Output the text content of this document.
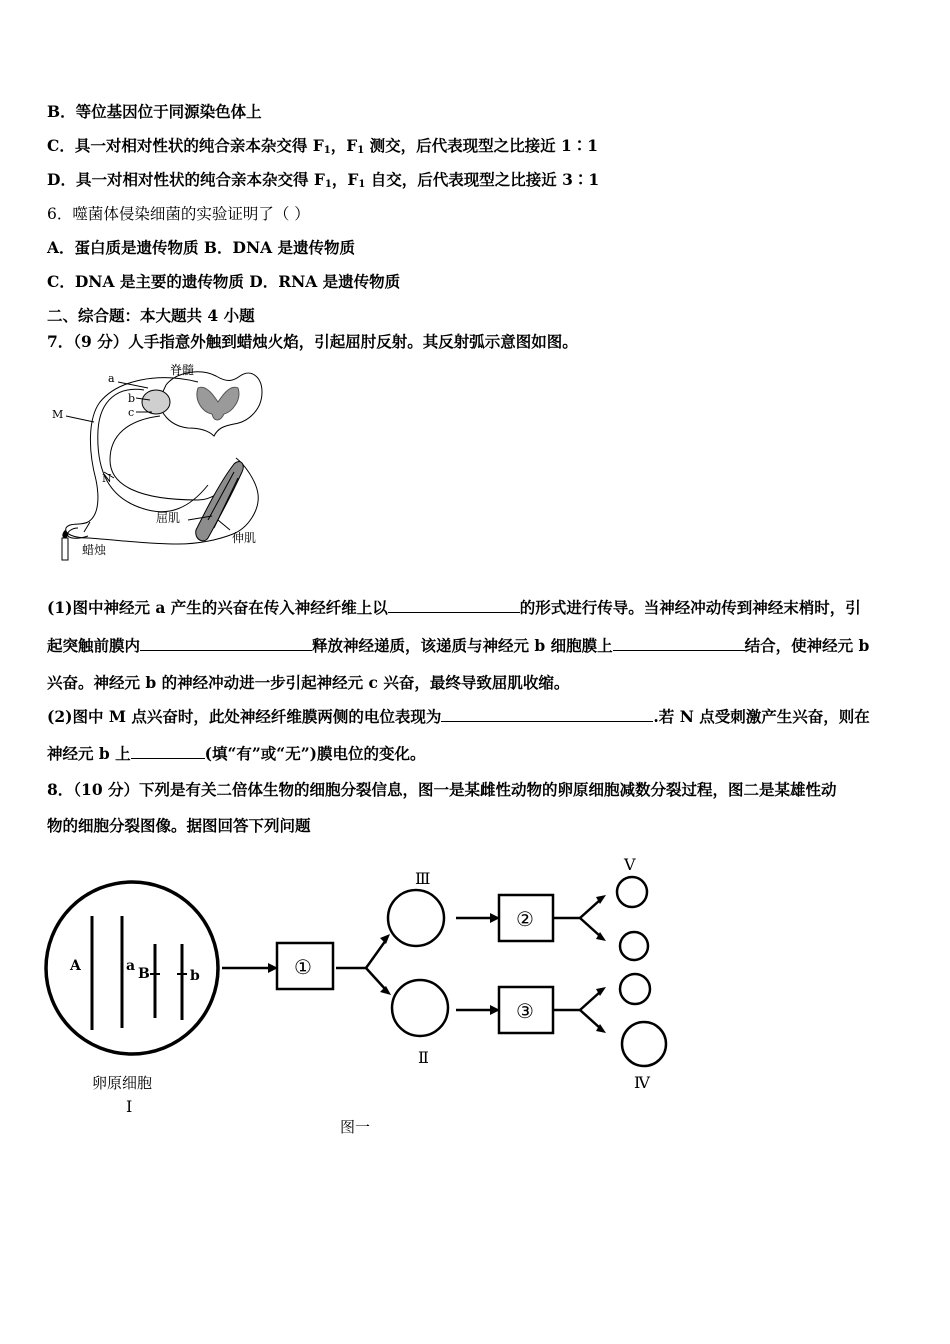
B．等位基因位于同源染色体上
C．具一对相对性状的纯合亲本杂交得 $F_1$，$F_1$ 测交，后代表现型之比接近 1∶1
D．具一对相对性状的纯合亲本杂交得 $F_1$，$F_1$ 自交，后代表现型之比接近 3∶1
6．噬菌体侵染细菌的实验证明了（ ）
A．蛋白质是遗传物质 B．DNA 是遗传物质
C．DNA 是主要的遗传物质 D．RNA 是遗传物质
二、综合题：本大题共 4 小题
7．（9 分）人手指意外触到蜡烛火焰，引起屈肘反射。其反射弧示意图如图。
脊髓
a
b
c
M
N
屈肌
伸肌
蜡烛
(1)图中神经元 a 产生的兴奋在传入神经纤维上以	的形式进行传导。当神经冲动传到神经末梢时，引
起突触前膜内	释放神经递质，该递质与神经元 b 细胞膜上	结合，使神经元 b
兴奋。神经元 b 的神经冲动进一步引起神经元 c 兴奋，最终导致屈肌收缩。
(2)图中 M 点兴奋时，此处神经纤维膜两侧的电位表现为	.若 N 点受刺激产生兴奋，则在
神经元 b 上	(填“有”或“无”)膜电位的变化。
8．（10 分）下列是有关二倍体生物的细胞分裂信息，图一是某雌性动物的卵原细胞减数分裂过程，图二是某雄性动
物的细胞分裂图像。据图回答下列问题
A	a B	b	①
②
③
Ⅲ
Ⅱ
Ⅴ
Ⅳ
Ⅰ
卵原细胞
图一
